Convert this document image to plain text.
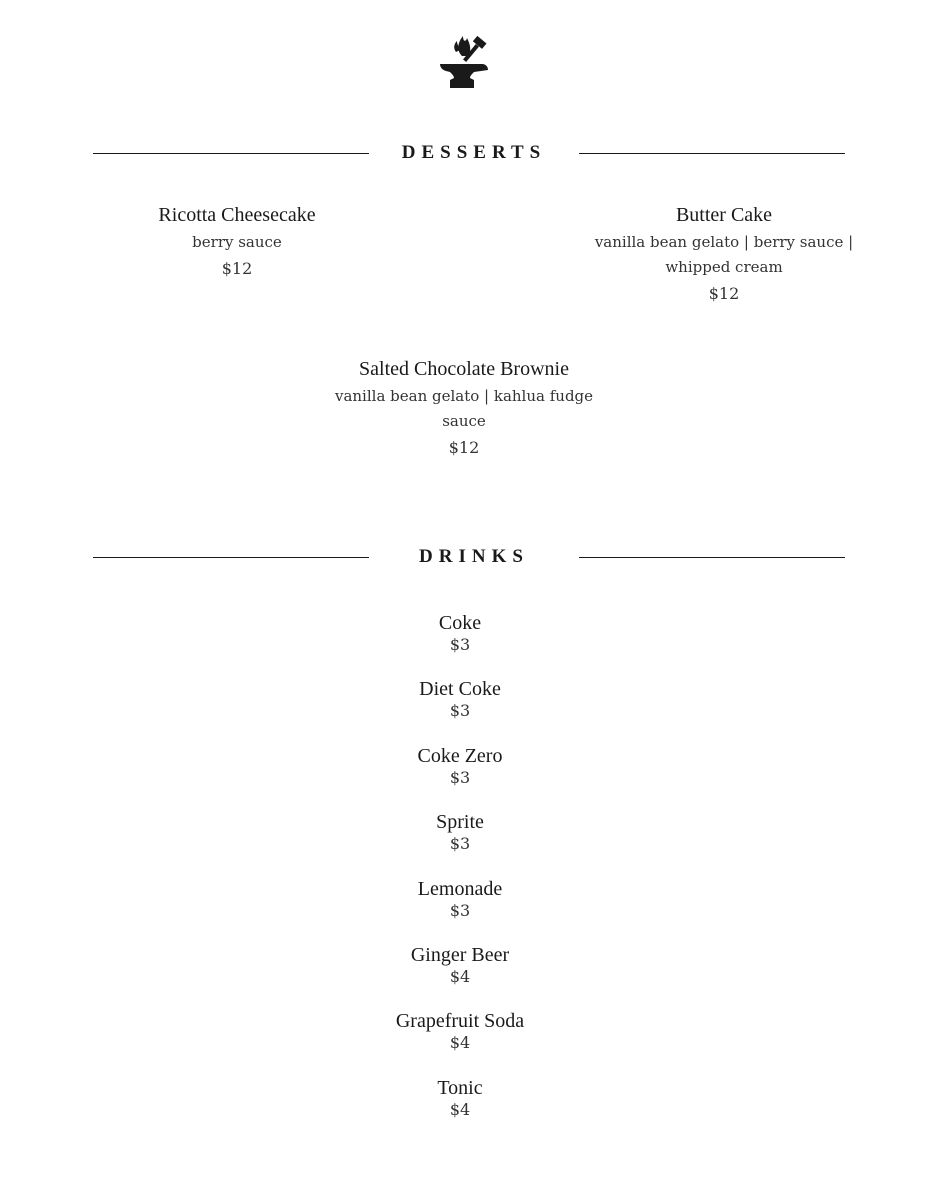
DESSERTS
Ricotta Cheesecake
berry sauce
$12
Butter Cake
vanilla bean gelato | berry sauce | whipped cream
$12
Salted Chocolate Brownie
vanilla bean gelato | kahlua fudge sauce
$12
DRINKS
Coke
$3
Diet Coke
$3
Coke Zero
$3
Sprite
$3
Lemonade
$3
Ginger Beer
$4
Grapefruit Soda
$4
Tonic
$4
